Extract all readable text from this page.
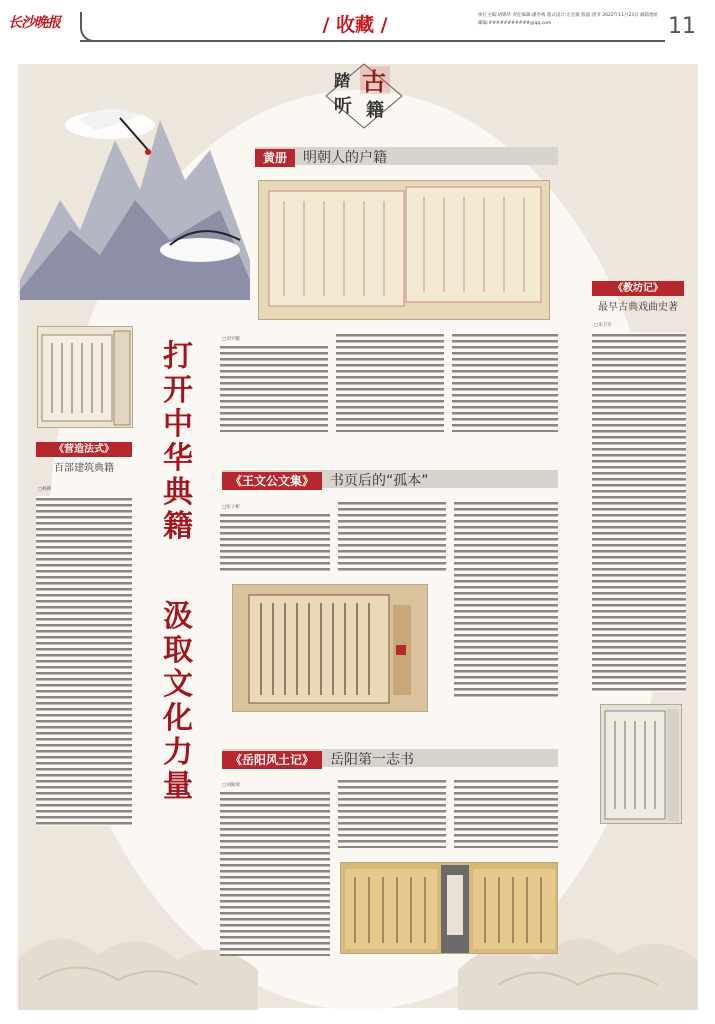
长沙晚报	/ 收藏 /	执行主编:胡锦华 责任编辑:潘冬梅 版式设计:左宏敏 版面:唐爷 2022年11月23日 邮箱地址 邮编:###########@qq.com	11
古
籍
踏
听
打开中华典籍
汲取文化力量
黄册 明朝人的户籍
□刘平鹏
《王文公文集》 书页后的“孤本”
□张子彬
《岳阳风土记》 岳阳第一志书
□刘佩瑞
《营造法式》
百部建筑典籍
□杨柳
《教坊记》
最早古典戏曲史著
□朱卫军
